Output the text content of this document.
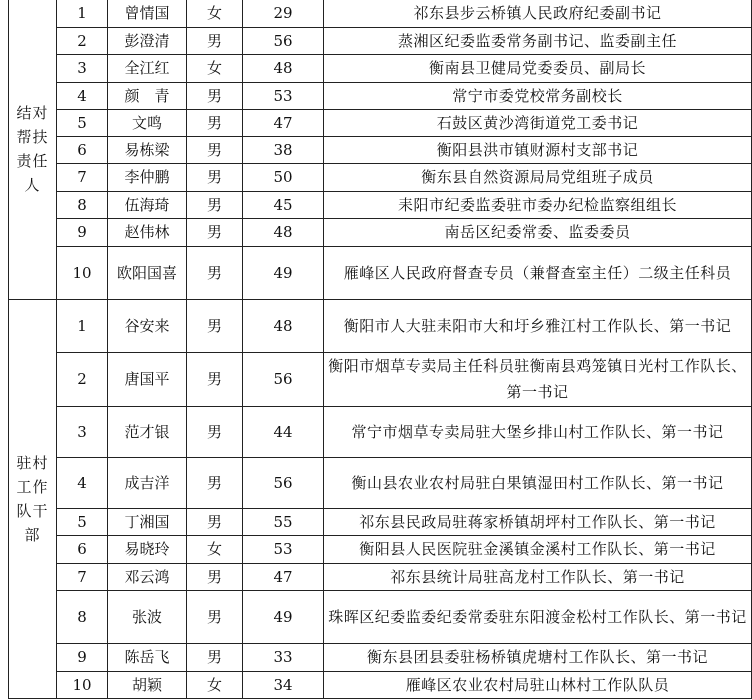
结对帮扶责任人	1	曾情国	女	29	祁东县步云桥镇人民政府纪委副书记
	2	彭澄清	男	56	蒸湘区纪委监委常务副书记、监委副主任
	3	全江红	女	48	衡南县卫健局党委委员、副局长
	4	颜　青	男	53	常宁市委党校常务副校长
	5	文鸣	男	47	石鼓区黄沙湾街道党工委书记
	6	易栋梁	男	38	衡阳县洪市镇财源村支部书记
	7	李仲鹏	男	50	衡东县自然资源局局党组班子成员
	8	伍海琦	男	45	耒阳市纪委监委驻市委办纪检监察组组长
	9	赵伟林	男	48	南岳区纪委常委、监委委员
	10	欧阳国喜	男	49	雁峰区人民政府督查专员（兼督查室主任）二级主任科员
驻村工作队干部	1	谷安来	男	48	衡阳市人大驻耒阳市大和圩乡雅江村工作队长、第一书记
	2	唐国平	男	56	衡阳市烟草专卖局主任科员驻衡南县鸡笼镇日光村工作队长、第一书记
	3	范才银	男	44	常宁市烟草专卖局驻大堡乡排山村工作队长、第一书记
	4	成吉洋	男	56	衡山县农业农村局驻白果镇湿田村工作队长、第一书记
	5	丁湘国	男	55	祁东县民政局驻蒋家桥镇胡坪村工作队长、第一书记
	6	易晓玲	女	53	衡阳县人民医院驻金溪镇金溪村工作队长、第一书记
	7	邓云鸿	男	47	祁东县统计局驻高龙村工作队长、第一书记
	8	张波	男	49	珠晖区纪委监委纪委常委驻东阳渡金松村工作队长、第一书记
	9	陈岳飞	男	33	衡东县团县委驻杨桥镇虎塘村工作队长、第一书记
	10	胡颖	女	34	雁峰区农业农村局驻山林村工作队队员
